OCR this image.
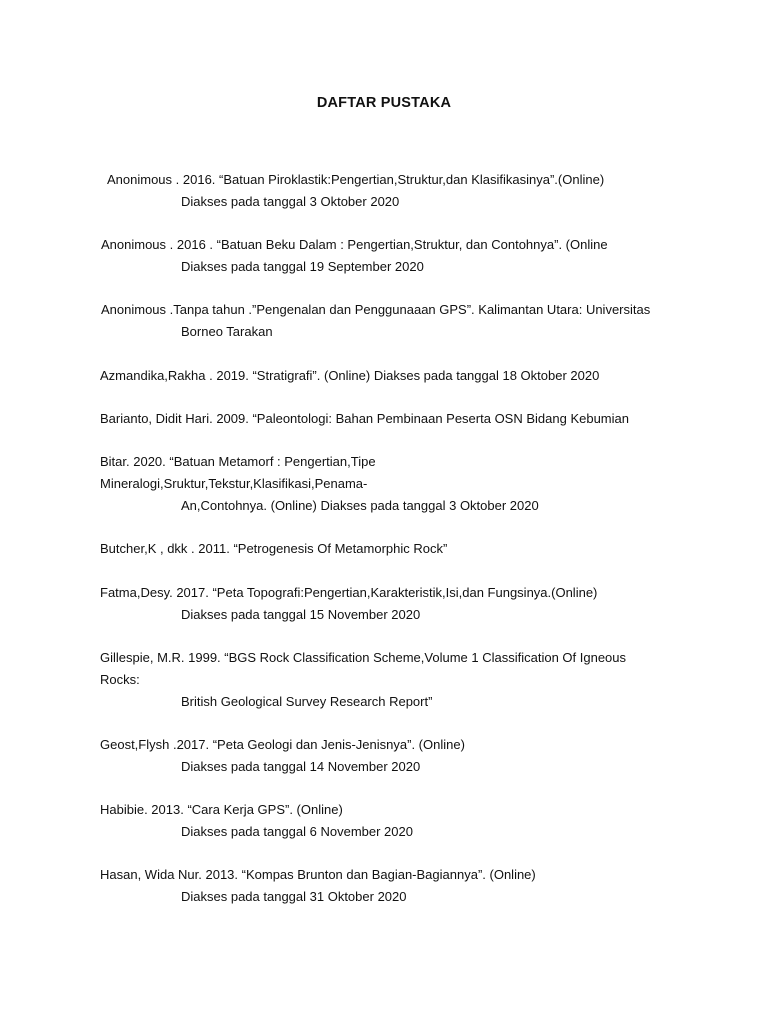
DAFTAR PUSTAKA
Anonimous . 2016. “Batuan Piroklastik:Pengertian,Struktur,dan Klasifikasinya”.(Online)
Diakses pada tanggal 3 Oktober 2020
Anonimous . 2016 . “Batuan Beku Dalam : Pengertian,Struktur, dan Contohnya”. (Online
Diakses pada tanggal 19 September 2020
Anonimous .Tanpa tahun .”Pengenalan dan Penggunaaan GPS”. Kalimantan Utara: Universitas
Borneo Tarakan
Azmandika,Rakha . 2019. “Stratigrafi”. (Online) Diakses pada tanggal 18 Oktober 2020
Barianto, Didit Hari. 2009. “Paleontologi: Bahan Pembinaan Peserta OSN Bidang Kebumian
Bitar. 2020. “Batuan Metamorf : Pengertian,Tipe
Mineralogi,Sruktur,Tekstur,Klasifikasi,Penama-
An,Contohnya. (Online) Diakses pada tanggal 3 Oktober 2020
Butcher,K , dkk . 2011. “Petrogenesis Of Metamorphic Rock”
Fatma,Desy. 2017. “Peta Topografi:Pengertian,Karakteristik,Isi,dan Fungsinya.(Online)
Diakses pada tanggal 15 November 2020
Gillespie, M.R. 1999. “BGS Rock Classification Scheme,Volume 1 Classification Of Igneous
Rocks:
British Geological Survey Research Report”
Geost,Flysh .2017. “Peta Geologi dan Jenis-Jenisnya”. (Online)
Diakses pada tanggal 14 November 2020
Habibie. 2013. “Cara Kerja GPS”. (Online)
Diakses pada tanggal 6 November 2020
Hasan, Wida Nur. 2013. “Kompas Brunton dan Bagian-Bagiannya”. (Online)
Diakses pada tanggal 31 Oktober 2020
